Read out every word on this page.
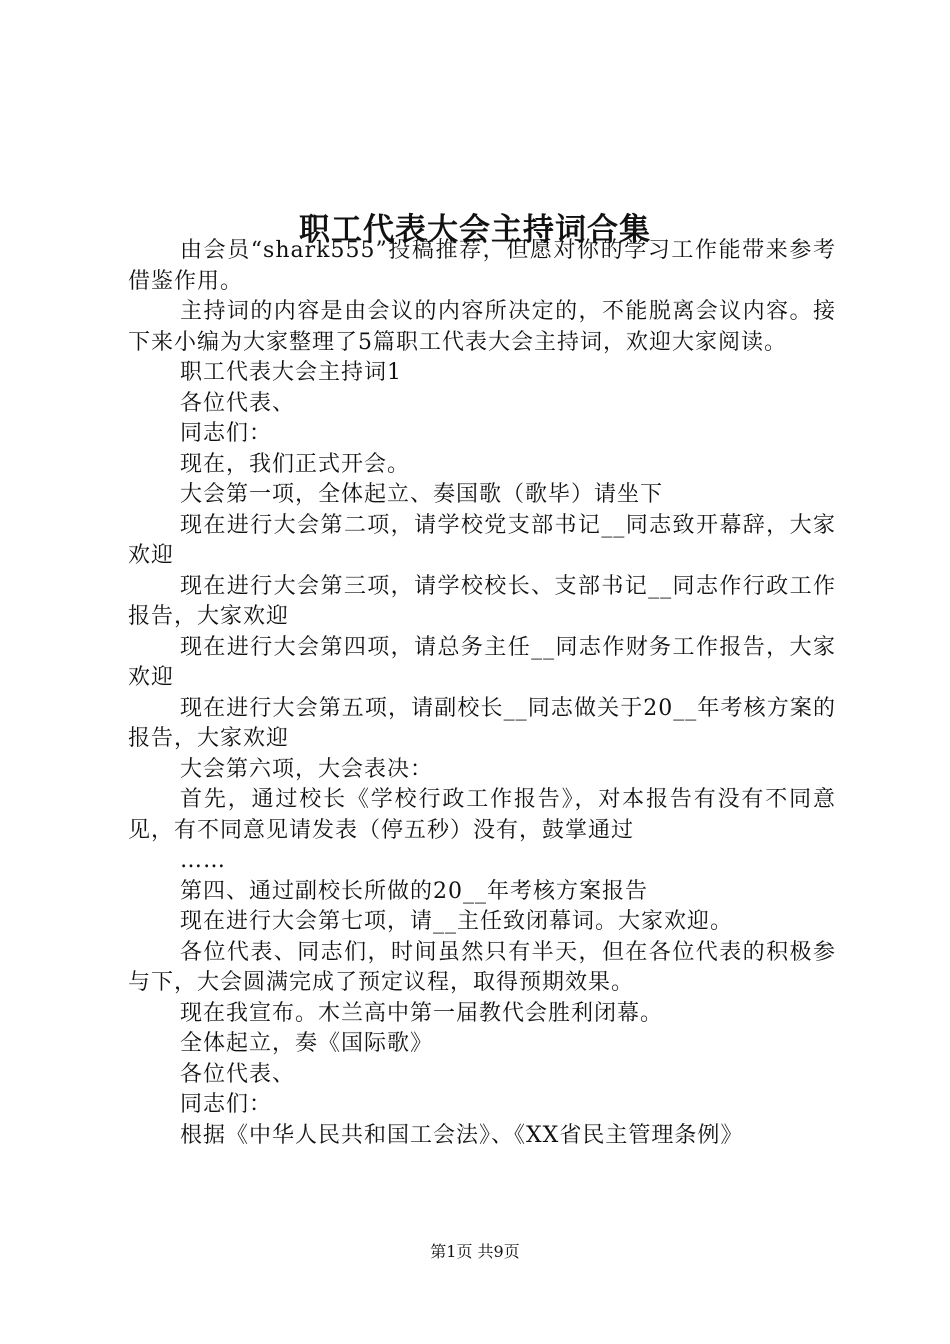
职工代表大会主持词合集

由会员“shark555”投稿推荐，但愿对你的学习工作能带来参考借鉴作用。

主持词的内容是由会议的内容所决定的，不能脱离会议内容。接下来小编为大家整理了5篇职工代表大会主持词，欢迎大家阅读。

职工代表大会主持词1

各位代表、

同志们：

现在，我们正式开会。

大会第一项，全体起立、奏国歌（歌毕）请坐下

现在进行大会第二项，请学校党支部书记__同志致开幕辞，大家欢迎

现在进行大会第三项，请学校校长、支部书记__同志作行政工作报告，大家欢迎

现在进行大会第四项，请总务主任__同志作财务工作报告，大家欢迎

现在进行大会第五项，请副校长__同志做关于20__年考核方案的报告，大家欢迎

大会第六项，大会表决：

首先，通过校长《学校行政工作报告》，对本报告有没有不同意见，有不同意见请发表（停五秒）没有，鼓掌通过

……

第四、通过副校长所做的20__年考核方案报告

现在进行大会第七项，请__主任致闭幕词。大家欢迎。

各位代表、同志们，时间虽然只有半天，但在各位代表的积极参与下，大会圆满完成了预定议程，取得预期效果。

现在我宣布。木兰高中第一届教代会胜利闭幕。

全体起立，奏《国际歌》

各位代表、

同志们：

根据《中华人民共和国工会法》、《XX省民主管理条例》

第1页 共9页
